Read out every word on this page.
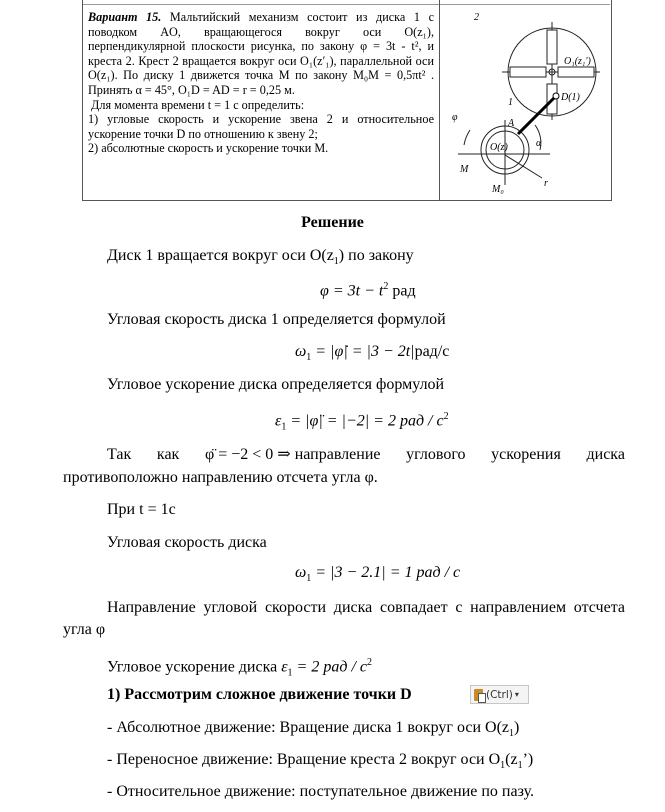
Вариант 15. Мальтийский механизм состоит из диска 1 с поводком AO, вращающегося вокруг оси O(z₁), перпендикулярной плоскости рисунка, по закону φ = 3t - t², и креста 2. Крест 2 вращается вокруг оси O₁(z′₁), параллельной оси O(z₁). По диску 1 движется точка M по закону M₀M = 0,5πt² . Принять α = 45°, O₁D = AD = r = 0,25 м.
Для момента времени t = 1 с определить:
1) угловые скорость и ускорение звена 2 и относительное ускорение точки D по отношению к звену 2;
2) абсолютные скорость и ускорение точки M.
2
O₁(z₁')
D(1)
1
A
φ
O(z)	α
M
M₀
r
Решение
Диск 1 вращается вокруг оси $O(z_1)$ по закону
$\varphi = 3t - t^2$ рад
Угловая скорость диска 1 определяется формулой
$\omega_1$ = |φ̇| = |3 − 2t|рад/с
Угловое ускорение диска определяется формулой
$\varepsilon_1$ = |φ̈| = |−2| = 2 рад / $с^2$
Так как φ̈ = −2 < 0 ⇒ направление углового ускорения диска
противоположно направлению отсчета угла φ.
При t = 1с
Угловая скорость диска
$\omega_1 = |3 - 2.1| = 1$ рад / с
Направление угловой скорости диска совпадает с направлением отсчета
угла φ
Угловое ускорение диска $\varepsilon_1 = 2$ рад / $с^2$
1) Рассмотрим сложное движение точки D	(Ctrl) ▾
- Абсолютное движение: Вращение диска 1 вокруг оси $O(z_1)$
- Переносное движение: Вращение креста 2 вокруг оси $O_1(z_1’)$
- Относительное движение: поступательное движение по пазу.
